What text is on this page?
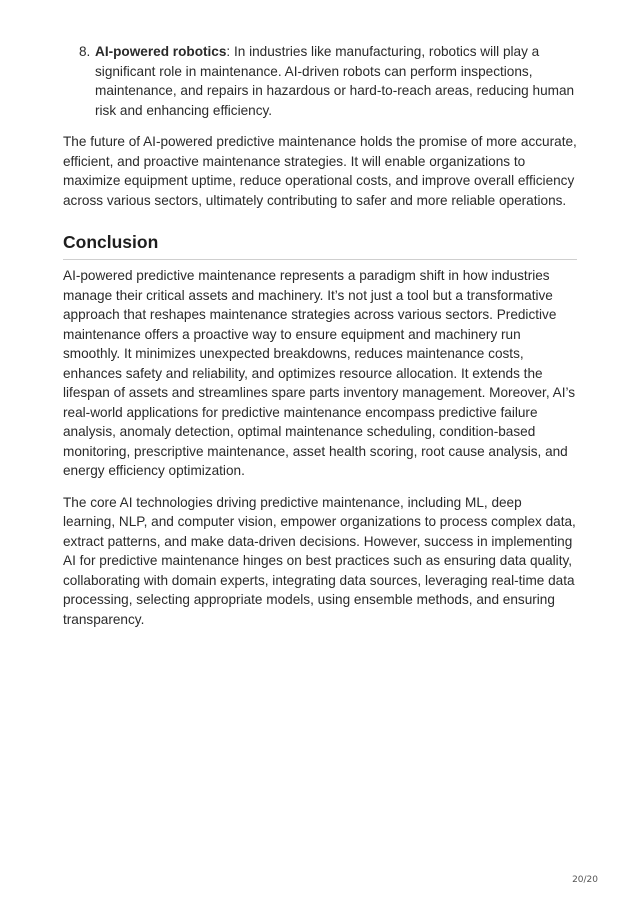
8. AI-powered robotics: In industries like manufacturing, robotics will play a significant role in maintenance. AI-driven robots can perform inspections, maintenance, and repairs in hazardous or hard-to-reach areas, reducing human risk and enhancing efficiency.

The future of AI-powered predictive maintenance holds the promise of more accurate, efficient, and proactive maintenance strategies. It will enable organizations to maximize equipment uptime, reduce operational costs, and improve overall efficiency across various sectors, ultimately contributing to safer and more reliable operations.

Conclusion

AI-powered predictive maintenance represents a paradigm shift in how industries manage their critical assets and machinery. It’s not just a tool but a transformative approach that reshapes maintenance strategies across various sectors. Predictive maintenance offers a proactive way to ensure equipment and machinery run smoothly. It minimizes unexpected breakdowns, reduces maintenance costs, enhances safety and reliability, and optimizes resource allocation. It extends the lifespan of assets and streamlines spare parts inventory management. Moreover, AI’s real-world applications for predictive maintenance encompass predictive failure analysis, anomaly detection, optimal maintenance scheduling, condition-based monitoring, prescriptive maintenance, asset health scoring, root cause analysis, and energy efficiency optimization.

The core AI technologies driving predictive maintenance, including ML, deep learning, NLP, and computer vision, empower organizations to process complex data, extract patterns, and make data-driven decisions. However, success in implementing AI for predictive maintenance hinges on best practices such as ensuring data quality, collaborating with domain experts, integrating data sources, leveraging real-time data processing, selecting appropriate models, using ensemble methods, and ensuring transparency.

20/20
